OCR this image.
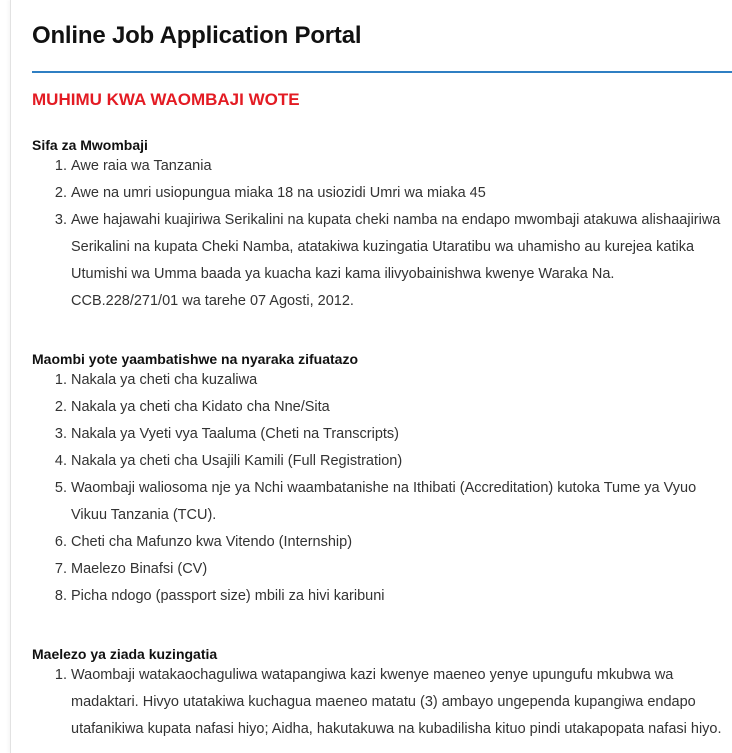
Online Job Application Portal
MUHIMU KWA WAOMBAJI WOTE

Sifa za Mwombaji

1. Awe raia wa Tanzania
2. Awe na umri usiopungua miaka 18 na usiozidi Umri wa miaka 45
3. Awe hajawahi kuajiriwa Serikalini na kupata cheki namba na endapo mwombaji atakuwa alishaajiriwa Serikalini na kupata Cheki Namba, atatakiwa kuzingatia Utaratibu wa uhamisho au kurejea katika Utumishi wa Umma baada ya kuacha kazi kama ilivyobainishwa kwenye Waraka Na. CCB.228/271/01 wa tarehe 07 Agosti, 2012.

Maombi yote yaambatishwe na nyaraka zifuatazo

1. Nakala ya cheti cha kuzaliwa
2. Nakala ya cheti cha Kidato cha Nne/Sita
3. Nakala ya Vyeti vya Taaluma (Cheti na Transcripts)
4. Nakala ya cheti cha Usajili Kamili (Full Registration)
5. Waombaji waliosoma nje ya Nchi waambatanishe na Ithibati (Accreditation) kutoka Tume ya Vyuo Vikuu Tanzania (TCU).
6. Cheti cha Mafunzo kwa Vitendo (Internship)
7. Maelezo Binafsi (CV)
8. Picha ndogo (passport size) mbili za hivi karibuni

Maelezo ya ziada kuzingatia

1. Waombaji watakaochaguliwa watapangiwa kazi kwenye maeneo yenye upungufu mkubwa wa madaktari. Hivyo utatakiwa kuchagua maeneo matatu (3) ambayo ungependa kupangiwa endapo utafanikiwa kupata nafasi hiyo; Aidha, hakutakuwa na kubadilisha kituo pindi utakapopata nafasi hiyo.
